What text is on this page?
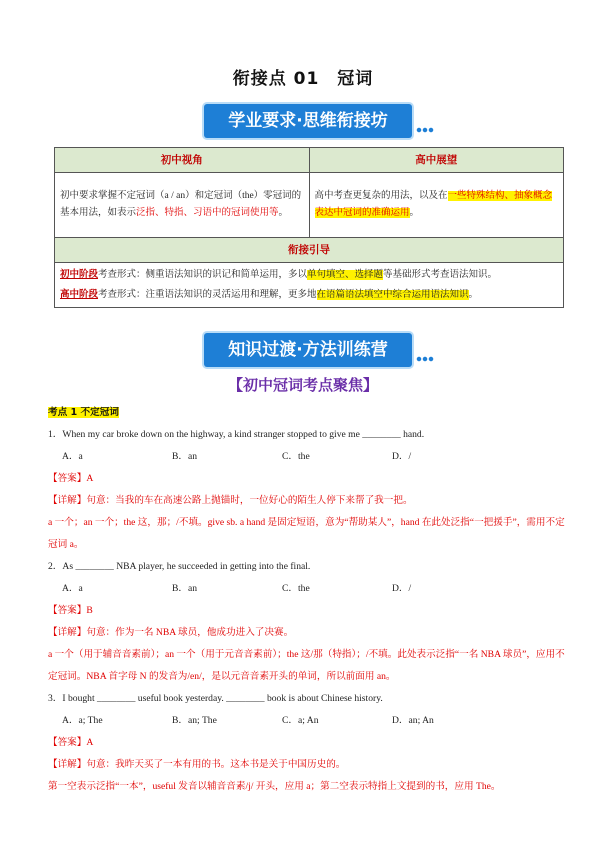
衔接点 01　冠词
学业要求·思维衔接坊
初中视角	高中展望
初中要求掌握不定冠词（a / an）和定冠词（the）零冠词的基本用法，如表示泛指、特指、习语中的冠词使用等。	高中考查更复杂的用法，以及在一些特殊结构、抽象概念表达中冠词的准确运用。
衔接引导	

初中阶段考查形式：侧重语法知识的识记和简单运用，多以单句填空、选择题等基础形式考查语法知识。
高中阶段考查形式：注重语法知识的灵活运用和理解，更多地在语篇语法填空中综合运用语法知识。	
知识过渡·方法训练营
【初中冠词考点聚焦】

考点 1 不定冠词

1．When my car broke down on the highway, a kind stranger stopped to give me ________ hand.

A．a	B．an	C．the	D．/

【答案】A

【详解】句意：当我的车在高速公路上抛锚时，一位好心的陌生人停下来帮了我一把。

a 一个；an 一个；the 这，那；/不填。give sb. a hand 是固定短语，意为“帮助某人”，hand 在此处泛指“一把援手”，需用不定冠词 a。

2．As ________ NBA player, he succeeded in getting into the final.

A．a	B．an	C．the	D．/

【答案】B

【详解】句意：作为一名 NBA 球员，他成功进入了决赛。

a 一个（用于辅音音素前）；an 一个（用于元音音素前）；the 这/那（特指）；/不填。此处表示泛指“一名 NBA 球员”，应用不定冠词。NBA 首字母 N 的发音为/en/，是以元音音素开头的单词，所以前面用 an。

3．I bought ________ useful book yesterday. ________ book is about Chinese history.

A．a; The	B．an; The	C．a; An	D．an; An

【答案】A

【详解】句意：我昨天买了一本有用的书。这本书是关于中国历史的。

第一空表示泛指“一本”，useful 发音以辅音音素/j/ 开头，应用 a；第二空表示特指上文提到的书，应用 The。
